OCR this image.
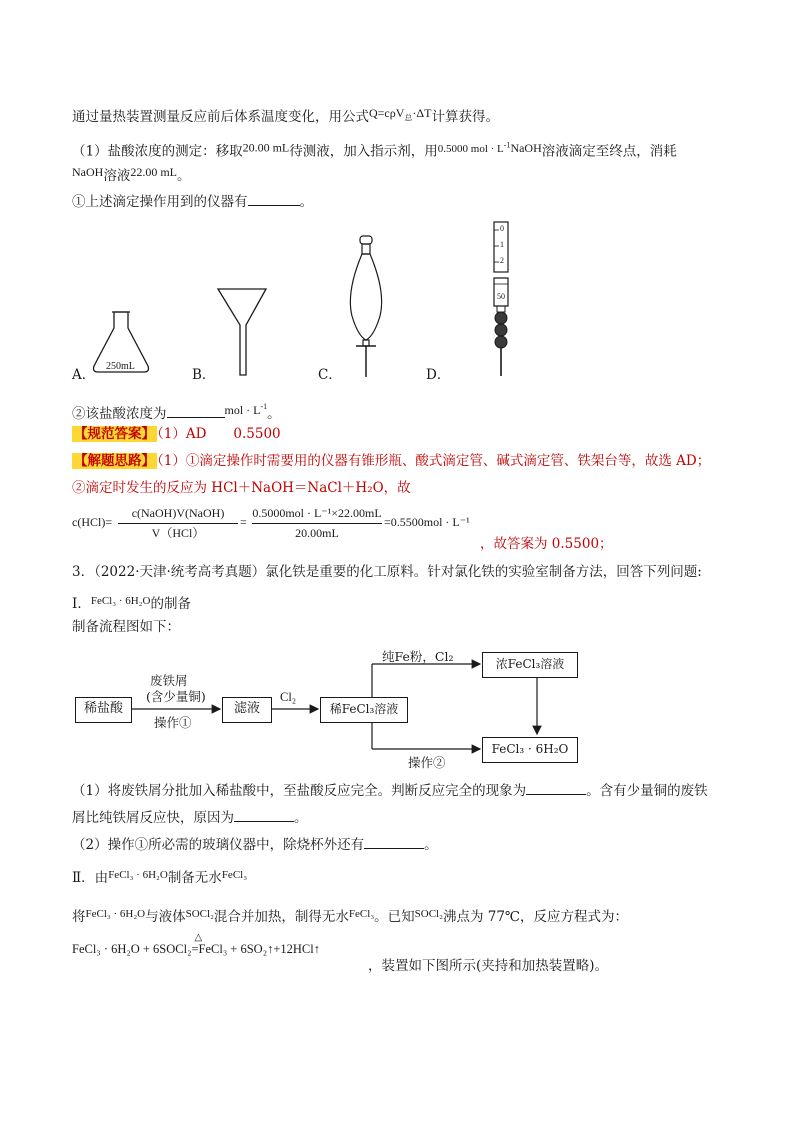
通过量热装置测量反应前后体系温度变化，用公式Q=cρV$_总$·ΔT计算获得。
（1）盐酸浓度的测定：移取20.00 mL待测液，加入指示剂，用$^{0.5000 mol \cdot L^{-1}NaOH}$溶液滴定至终点，消耗
NaOH溶液22.00 mL。
①上述滴定操作用到的仪器有	。
250mL
A．	B．	C．
0
1
2
50
D．
②该盐酸浓度为	mol · $L^{-1}$。
【规范答案】 （1）AD　　0.5500
【解题思路】 （1）①滴定操作时需要用的仪器有锥形瓶、酸式滴定管、碱式滴定管、铁架台等，故选 AD；
②滴定时发生的反应为 HCl＋NaOH＝NaCl＋H₂O，故
c(HCl)=
c(NaOH)V(NaOH)
V（HCl）
=
0.5000mol · L⁻¹×22.00mL
20.00mL
=0.5500mol · L⁻¹
，故答案为 0.5500；
3．（2022·天津·统考高考真题）氯化铁是重要的化工原料。针对氯化铁的实验室制备方法，回答下列问题:
Ⅰ．$^{FeCl_3 \cdot 6H_2O}$的制备
制备流程图如下：
稀盐酸
废铁屑
(含少量铜)
操作①
滤液
Cl₂
稀FeCl₃溶液
纯Fe粉，Cl₂	浓FeCl₃溶液
操作②
FeCl₃ · 6H₂O
（1）将废铁屑分批加入稀盐酸中，至盐酸反应完全。判断反应完全的现象为	。含有少量铜的废铁
屑比纯铁屑反应快，原因为	。
（2）操作①所必需的玻璃仪器中，除烧杯外还有	。
Ⅱ．由$^{FeCl_3 \cdot 6H_2O}$制备无水$^{FeCl_3}$
将$^{FeCl_3 \cdot 6H_2O}$与液体$^{SOCl_2}$混合并加热，制得无水$^{FeCl_3}$。已知$^{SOCl_2}$沸点为 77℃，反应方程式为：
FeCl₃ · 6H₂O + 6SOCl₂
△
=FeCl₃ + 6SO₂↑+12HCl↑
，装置如下图所示(夹持和加热装置略)。
